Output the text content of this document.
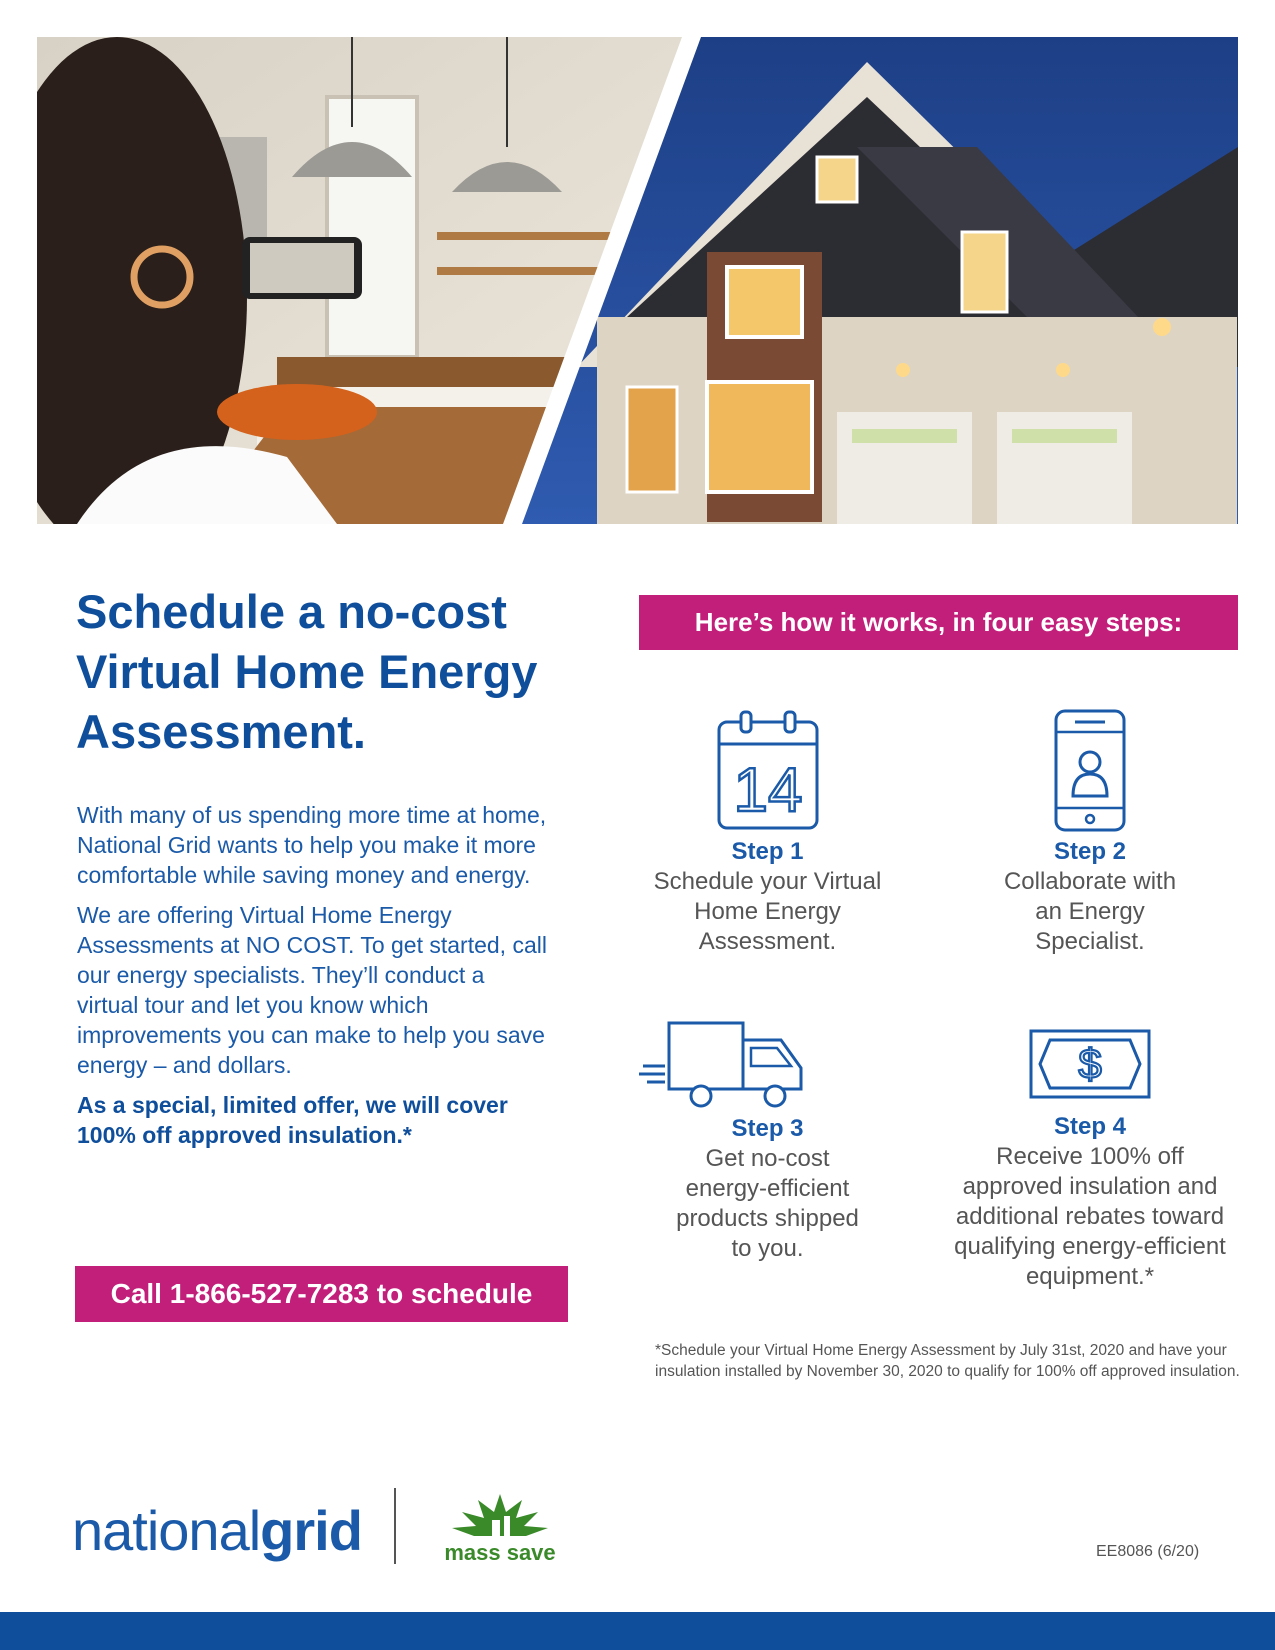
Schedule a no-cost Virtual Home Energy Assessment.

With many of us spending more time at home, National Grid wants to help you make it more comfortable while saving money and energy.

We are offering Virtual Home Energy Assessments at NO COST. To get started, call our energy specialists. They’ll conduct a virtual tour and let you know which improvements you can make to help you save energy – and dollars.

As a special, limited offer, we will cover 100% off approved insulation.*

Call 1-866-527-7283 to schedule
Here’s how it works, in four easy steps:
14
Step 1
Schedule your Virtual Home Energy Assessment.
Step 2
Collaborate with an Energy Specialist.
Step 3
Get no-cost energy-efficient products shipped to you.
$
Step 4
Receive 100% off approved insulation and additional rebates toward qualifying energy-efficient equipment.*
*Schedule your Virtual Home Energy Assessment by July 31st, 2020 and have your insulation installed by November 30, 2020 to qualify for 100% off approved insulation.
nationalgrid	mass save	EE8086 (6/20)
